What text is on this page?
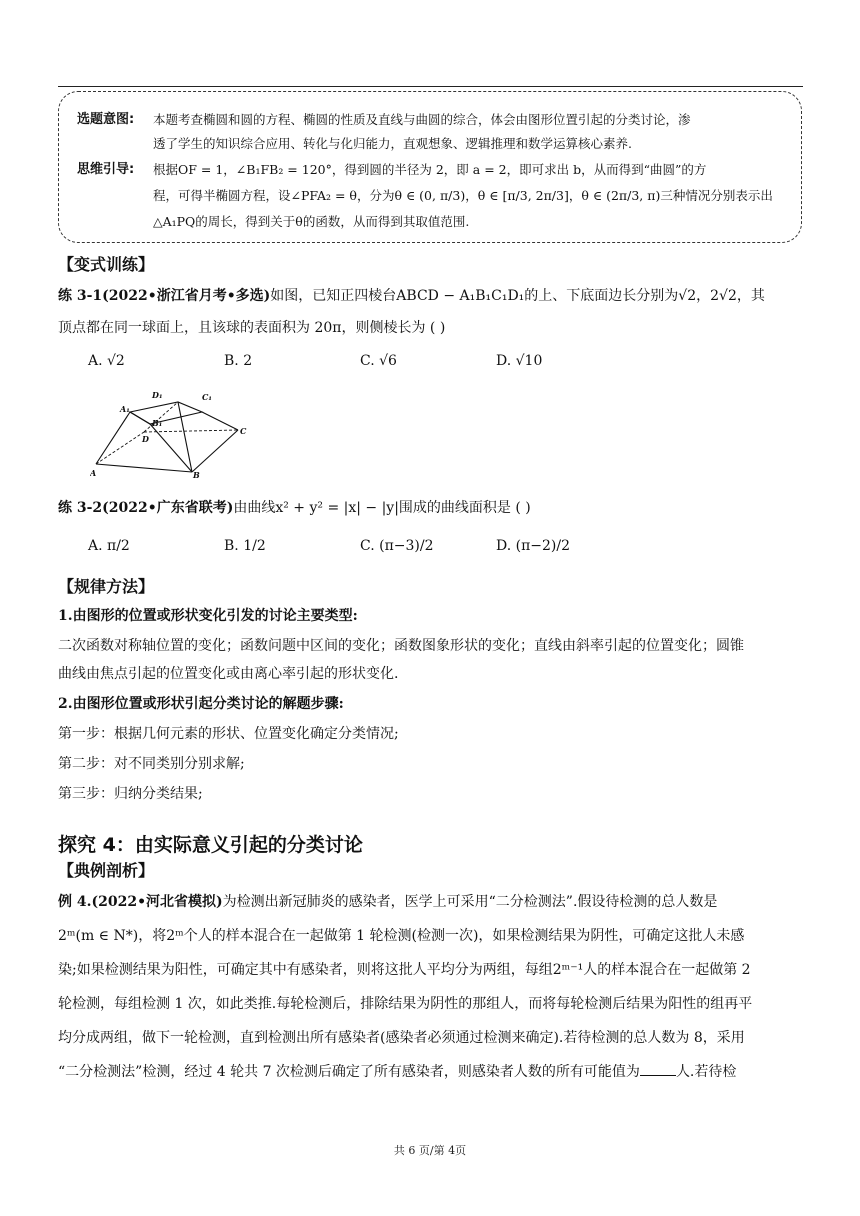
选题意图: 本题考查椭圆和圆的方程、椭圆的性质及直线与曲圆的综合，体会由图形位置引起的分类讨论，渗
透了学生的知识综合应用、转化与化归能力，直观想象、逻辑推理和数学运算核心素养.
思维引导: 根据OF = 1，∠B₁FB₂ = 120°，得到圆的半径为 2，即 a = 2，即可求出 b，从而得到“曲圆”的方
程，可得半椭圆方程，设∠PFA₂ = θ，分为θ ∈ (0, π/3)，θ ∈ [π/3, 2π/3]，θ ∈ (2π/3, π)三种情况分别表示出
△A₁PQ的周长，得到关于θ的函数，从而得到其取值范围.
【变式训练】
练 3-1(2022•浙江省月考•多选)如图，已知正四棱台ABCD − A₁B₁C₁D₁的上、下底面边长分别为√2，2√2，其
顶点都在同一球面上，且该球的表面积为 20π，则侧棱长为 ( )
A. √2	B. 2	C. √6	D. √10
A	B
C
D
A₁
B₁
C₁
D₁
练 3-2(2022•广东省联考)由曲线x² + y² = |x| − |y|围成的曲线面积是 ( )
A. π/2	B. 1/2	C. (π−3)/2	D. (π−2)/2
【规律方法】
1.由图形的位置或形状变化引发的讨论主要类型:
二次函数对称轴位置的变化；函数问题中区间的变化；函数图象形状的变化；直线由斜率引起的位置变化；圆锥
曲线由焦点引起的位置变化或由离心率引起的形状变化.
2.由图形位置或形状引起分类讨论的解题步骤:
第一步：根据几何元素的形状、位置变化确定分类情况;
第二步：对不同类别分别求解;
第三步：归纳分类结果;
探究 4：由实际意义引起的分类讨论
【典例剖析】
例 4.(2022•河北省模拟)为检测出新冠肺炎的感染者，医学上可采用“二分检测法”.假设待检测的总人数是
2ᵐ(m ∈ N*)，将2ᵐ个人的样本混合在一起做第 1 轮检测(检测一次)，如果检测结果为阴性，可确定这批人未感
染;如果检测结果为阳性，可确定其中有感染者，则将这批人平均分为两组，每组2ᵐ⁻¹人的样本混合在一起做第 2
轮检测，每组检测 1 次，如此类推.每轮检测后，排除结果为阴性的那组人，而将每轮检测后结果为阳性的组再平
均分成两组，做下一轮检测，直到检测出所有感染者(感染者必须通过检测来确定).若待检测的总人数为 8，采用
“二分检测法”检测，经过 4 轮共 7 次检测后确定了所有感染者，则感染者人数的所有可能值为	人.若待检
共 6 页/第 4页
